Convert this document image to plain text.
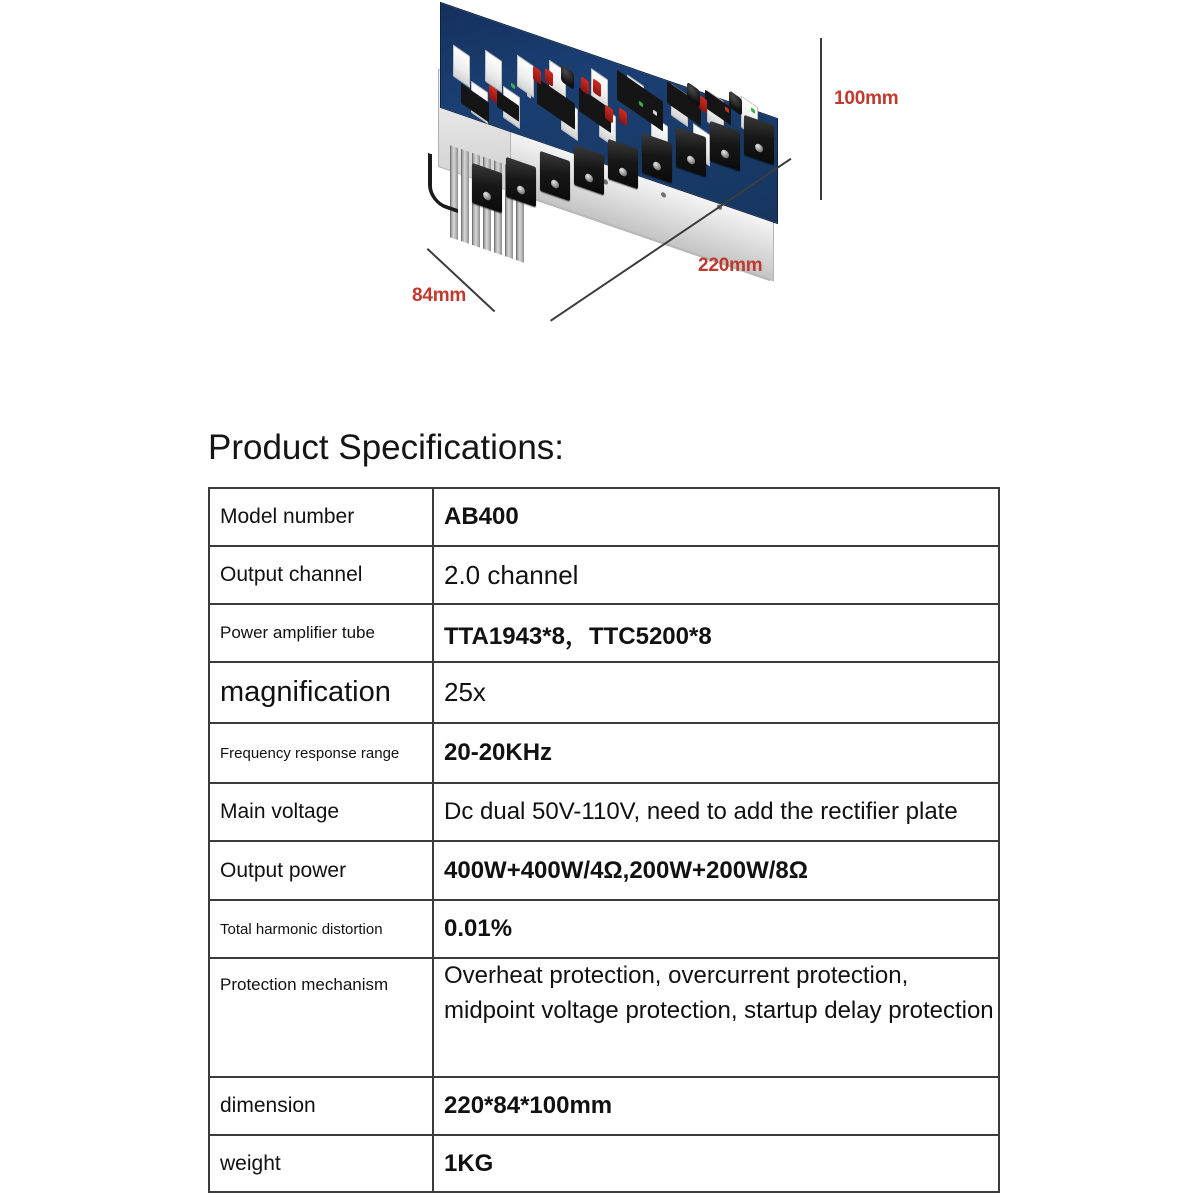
100mm
220mm
84mm
Product Specifications:
Model number	AB400
Output channel	2.0 channel
Power amplifier tube	TTA1943*8，TTC5200*8
magnification	25x
Frequency response range	20-20KHz
Main voltage	Dc dual 50V-110V, need to add the rectifier plate
Output power	400W+400W/4Ω,200W+200W/8Ω
Total harmonic distortion	0.01%
Protection mechanism	Overheat protection, overcurrent protection, midpoint voltage protection, startup delay protection
dimension	220*84*100mm
weight	1KG
